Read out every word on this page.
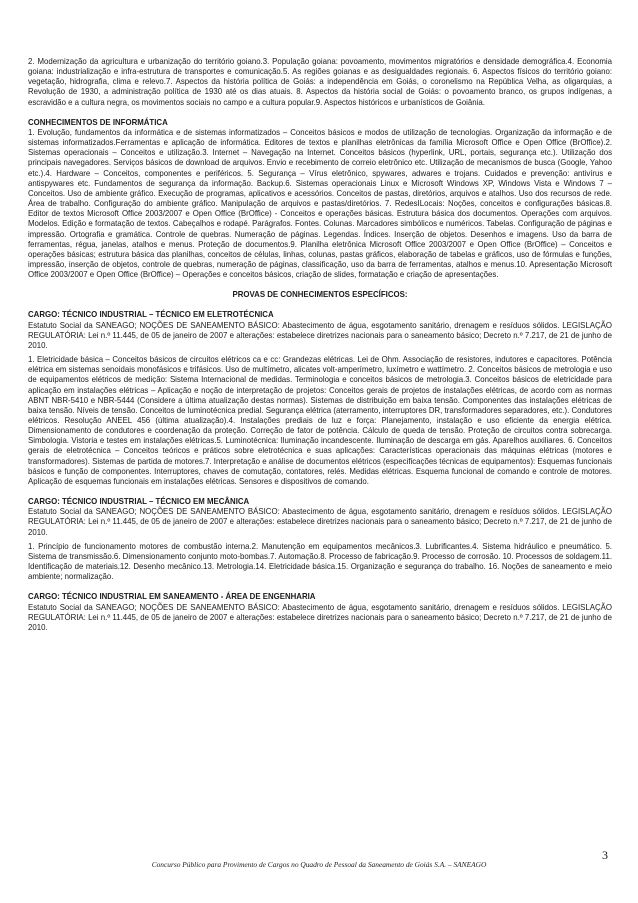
2. Modernização da agricultura e urbanização do território goiano.3. População goiana: povoamento, movimentos migratórios e densidade demográfica.4. Economia goiana: industrialização e infra-estrutura de transportes e comunicação.5. As regiões goianas e as desigualdades regionais. 6. Aspectos físicos do território goiano: vegetação, hidrografia, clima e relevo.7. Aspectos da história política de Goiás: a independência em Goiás, o coronelismo na República Velha, as oligarquias, a Revolução de 1930, a administração política de 1930 até os dias atuais. 8. Aspectos da história social de Goiás: o povoamento branco, os grupos indígenas, a escravidão e a cultura negra, os movimentos sociais no campo e a cultura popular.9. Aspectos históricos e urbanísticos de Goiânia.

CONHECIMENTOS DE INFORMÁTICA

1. Evolução, fundamentos da informática e de sistemas informatizados – Conceitos básicos e modos de utilização de tecnologias. Organização da informação e de sistemas informatizados.Ferramentas e aplicação de informática. Editores de textos e planilhas eletrônicas da família Microsoft Office e Open Office (BrOffice).2. Sistemas operacionais – Conceitos e utilização.3. Internet – Navegação na Internet. Conceitos básicos (hyperlink, URL, portais, segurança etc.). Utilização dos principais navegadores. Serviços básicos de download de arquivos. Envio e recebimento de correio eletrônico etc. Utilização de mecanismos de busca (Google, Yahoo etc.).4. Hardware – Conceitos, componentes e periféricos. 5. Segurança – Vírus eletrônico, spywares, adwares e trojans. Cuidados e prevenção: antivírus e antispywares etc. Fundamentos de segurança da informação. Backup.6. Sistemas operacionais Linux e Microsoft Windows XP, Windows Vista e Windows 7 – Conceitos. Uso de ambiente gráfico. Execução de programas, aplicativos e acessórios. Conceitos de pastas, diretórios, arquivos e atalhos. Uso dos recursos de rede. Área de trabalho. Configuração do ambiente gráfico. Manipulação de arquivos e pastas/diretórios. 7. RedesILocais: Noções, conceitos e configurações básicas.8. Editor de textos Microsoft Office 2003/2007 e Open Office (BrOffice) - Conceitos e operações básicas. Estrutura básica dos documentos. Operações com arquivos. Modelos. Edição e formatação de textos. Cabeçalhos e rodapé. Parágrafos. Fontes. Colunas. Marcadores simbólicos e numéricos. Tabelas. Configuração de páginas e impressão. Ortografia e gramática. Controle de quebras. Numeração de páginas. Legendas. Índices. Inserção de objetos. Desenhos e imagens. Uso da barra de ferramentas, régua, janelas, atalhos e menus. Proteção de documentos.9. Planilha eletrônica Microsoft Office 2003/2007 e Open Office (BrOffice) – Conceitos e operações básicas; estrutura básica das planilhas, conceitos de células, linhas, colunas, pastas gráficos, elaboração de tabelas e gráficos, uso de fórmulas e funções, impressão, inserção de objetos, controle de quebras, numeração de páginas, classificação, uso da barra de ferramentas, atalhos e menus.10. Apresentação Microsoft Office 2003/2007 e Open Office (BrOffice) – Operações e conceitos básicos, criação de slides, formatação e criação de apresentações.

PROVAS DE CONHECIMENTOS ESPECÍFICOS:

CARGO: TÉCNICO INDUSTRIAL – TÉCNICO EM ELETROTÉCNICA

Estatuto Social da SANEAGO; NOÇÕES DE SANEAMENTO BÁSICO: Abastecimento de água, esgotamento sanitário, drenagem e resíduos sólidos. LEGISLAÇÃO REGULATÓRIA: Lei n.º 11.445, de 05 de janeiro de 2007 e alterações: estabelece diretrizes nacionais para o saneamento básico; Decreto n.º 7.217, de 21 de junho de 2010.

1. Eletricidade básica – Conceitos básicos de circuitos elétricos ca e cc: Grandezas elétricas. Lei de Ohm. Associação de resistores, indutores e capacitores. Potência elétrica em sistemas senoidais monofásicos e trifásicos. Uso de multímetro, alicates volt-amperímetro, luxímetro e wattímetro. 2. Conceitos básicos de metrologia e uso de equipamentos elétricos de medição: Sistema Internacional de medidas. Terminologia e conceitos básicos de metrologia.3. Conceitos básicos de eletricidade para aplicação em instalações elétricas – Aplicação e noção de interpretação de projetos: Conceitos gerais de projetos de instalações elétricas, de acordo com as normas ABNT NBR-5410 e NBR-5444 (Considere a última atualização destas normas). Sistemas de distribuição em baixa tensão. Componentes das instalações elétricas de baixa tensão. Níveis de tensão. Conceitos de luminotécnica predial. Segurança elétrica (aterramento, interruptores DR, transformadores separadores, etc.). Condutores elétricos. Resolução ANEEL 456 (última atualização).4. Instalações prediais de luz e força: Planejamento, instalação e uso eficiente da energia elétrica. Dimensionamento de condutores e coordenação da proteção. Correção de fator de potência. Cálculo de queda de tensão. Proteção de circuitos contra sobrecarga. Simbologia. Vistoria e testes em instalações elétricas.5. Luminotécnica: Iluminação incandescente. Iluminação de descarga em gás. Aparelhos auxiliares. 6. Conceitos gerais de eletrotécnica – Conceitos teóricos e práticos sobre eletrotécnica e suas aplicações: Características operacionais das máquinas elétricas (motores e transformadores). Sistemas de partida de motores.7. Interpretação e análise de documentos elétricos (especificações técnicas de equipamentos): Esquemas funcionais básicos e função de componentes. Interruptores, chaves de comutação, contatores, relés. Medidas elétricas. Esquema funcional de comando e controle de motores. Aplicação de esquemas funcionais em instalações elétricas. Sensores e dispositivos de comando.

CARGO: TÉCNICO INDUSTRIAL – TÉCNICO EM MECÂNICA

Estatuto Social da SANEAGO; NOÇÕES DE SANEAMENTO BÁSICO: Abastecimento de água, esgotamento sanitário, drenagem e resíduos sólidos. LEGISLAÇÃO REGULATÓRIA: Lei n.º 11.445, de 05 de janeiro de 2007 e alterações: estabelece diretrizes nacionais para o saneamento básico; Decreto n.º 7.217, de 21 de junho de 2010.

1. Princípio de funcionamento motores de combustão interna.2. Manutenção em equipamentos mecânicos.3. Lubrificantes.4. Sistema hidráulico e pneumático. 5. Sistema de transmissão.6. Dimensionamento conjunto moto-bombas.7. Automação.8. Processo de fabricação.9. Processo de corrosão. 10. Processos de soldagem.11. Identificação de materiais.12. Desenho mecânico.13. Metrologia.14. Eletricidade básica.15. Organização e segurança do trabalho. 16. Noções de saneamento e meio ambiente; normalização.

CARGO: TÉCNICO INDUSTRIAL EM SANEAMENTO - ÁREA DE ENGENHARIA

Estatuto Social da SANEAGO; NOÇÕES DE SANEAMENTO BÁSICO: Abastecimento de água, esgotamento sanitário, drenagem e resíduos sólidos. LEGISLAÇÃO REGULATÓRIA: Lei n.º 11.445, de 05 de janeiro de 2007 e alterações: estabelece diretrizes nacionais para o saneamento básico; Decreto n.º 7.217, de 21 de junho de 2010.

3
Concurso Público para Provimento de Cargos no Quadro de Pessoal da Saneamento de Goiás S.A. – SANEAGO
